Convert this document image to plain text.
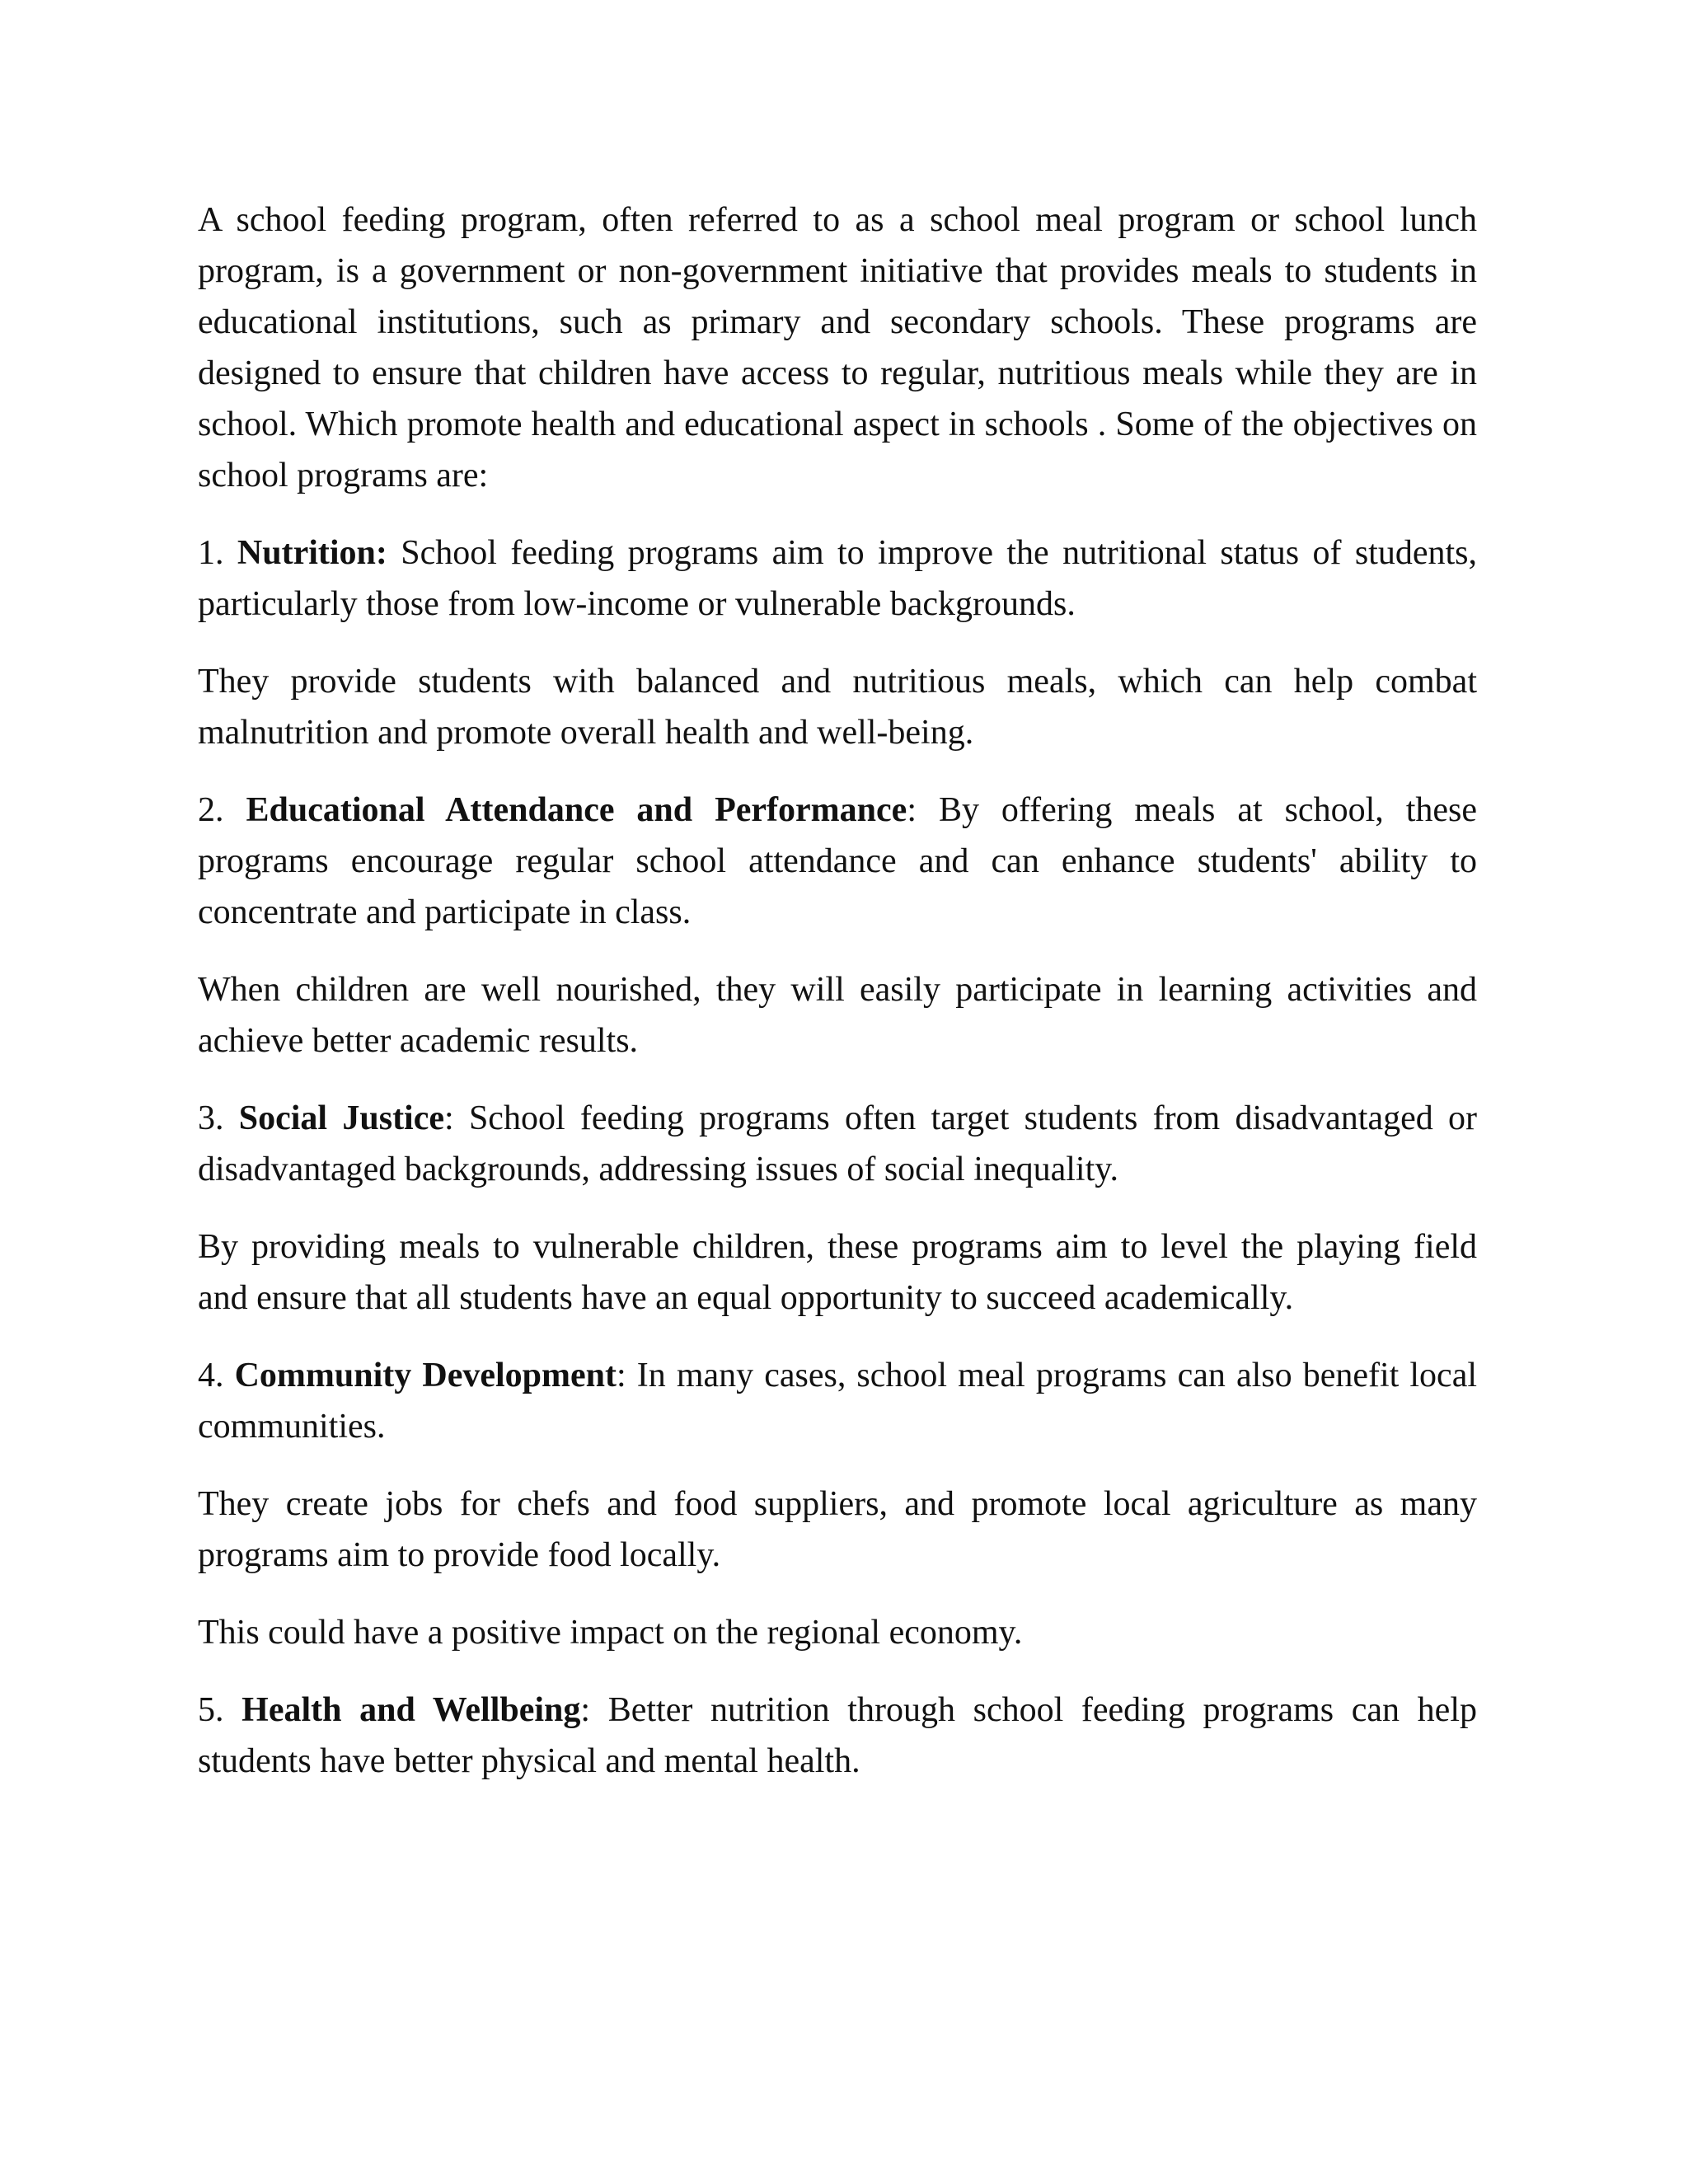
A school feeding program, often referred to as a school meal program or school lunch program, is a government or non-government initiative that provides meals to students in educational institutions, such as primary and secondary schools. These programs are designed to ensure that children have access to regular, nutritious meals while they are in school. Which promote health and educational aspect in schools . Some of the objectives on school programs are:

1. Nutrition: School feeding programs aim to improve the nutritional status of students, particularly those from low-income or vulnerable backgrounds.

They provide students with balanced and nutritious meals, which can help combat malnutrition and promote overall health and well-being.

2. Educational Attendance and Performance: By offering meals at school, these programs encourage regular school attendance and can enhance students' ability to concentrate and participate in class.

When children are well nourished, they will easily participate in learning activities and achieve better academic results.

3. Social Justice: School feeding programs often target students from disadvantaged or disadvantaged backgrounds, addressing issues of social inequality.

By providing meals to vulnerable children, these programs aim to level the playing field and ensure that all students have an equal opportunity to succeed academically.

4. Community Development: In many cases, school meal programs can also benefit local communities.

They create jobs for chefs and food suppliers, and promote local agriculture as many programs aim to provide food locally.

This could have a positive impact on the regional economy.

5. Health and Wellbeing: Better nutrition through school feeding programs can help students have better physical and mental health.
